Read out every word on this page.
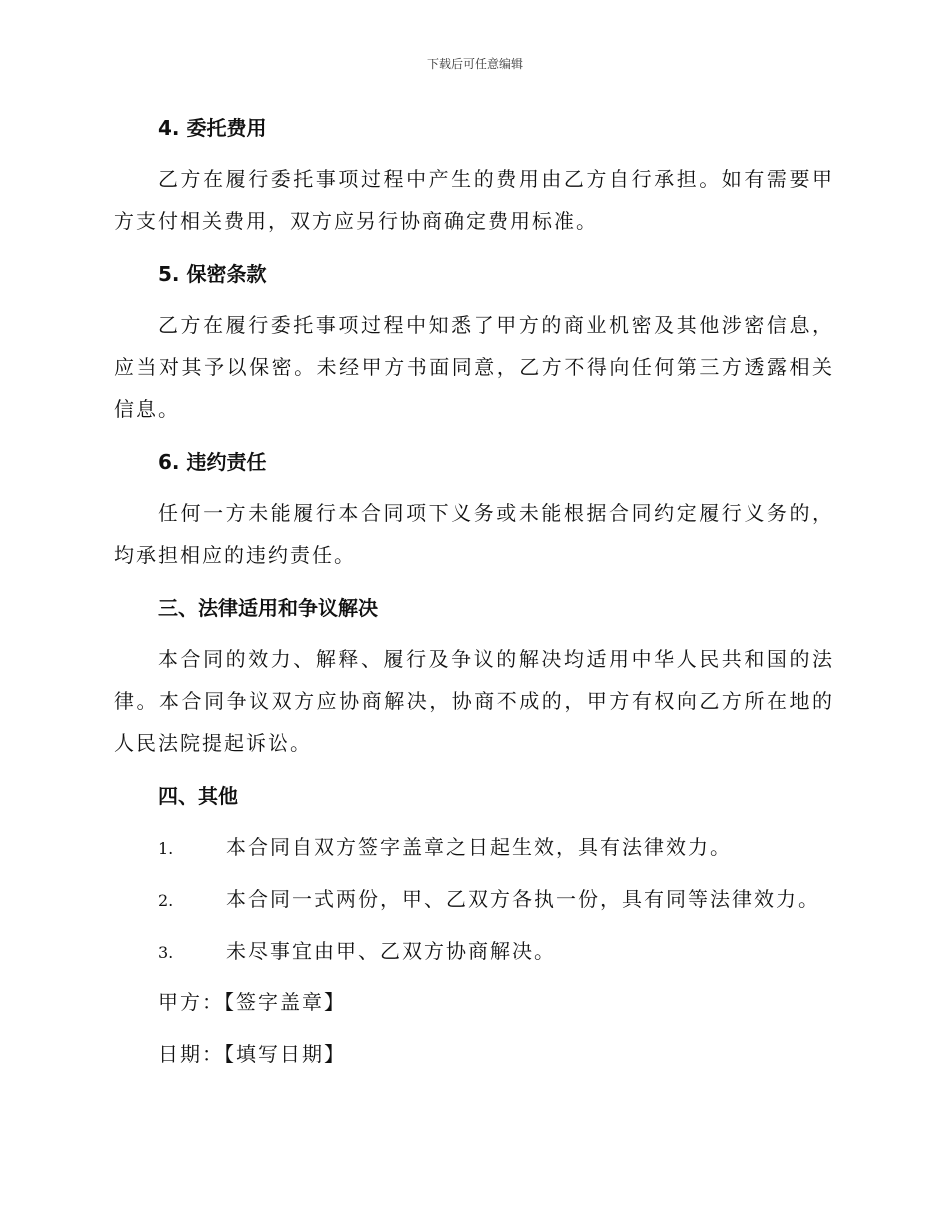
下载后可任意编辑
4. 委托费用
乙方在履行委托事项过程中产生的费用由乙方自行承担。如有需要甲方支付相关费用，双方应另行协商确定费用标准。
5. 保密条款
乙方在履行委托事项过程中知悉了甲方的商业机密及其他涉密信息，应当对其予以保密。未经甲方书面同意，乙方不得向任何第三方透露相关信息。
6. 违约责任
任何一方未能履行本合同项下义务或未能根据合同约定履行义务的，均承担相应的违约责任。
三、法律适用和争议解决
本合同的效力、解释、履行及争议的解决均适用中华人民共和国的法律。本合同争议双方应协商解决，协商不成的，甲方有权向乙方所在地的人民法院提起诉讼。
四、其他
1.	本合同自双方签字盖章之日起生效，具有法律效力。
2.	本合同一式两份，甲、乙双方各执一份，具有同等法律效力。
3.	未尽事宜由甲、乙双方协商解决。
甲方：【签字盖章】
日期：【填写日期】
